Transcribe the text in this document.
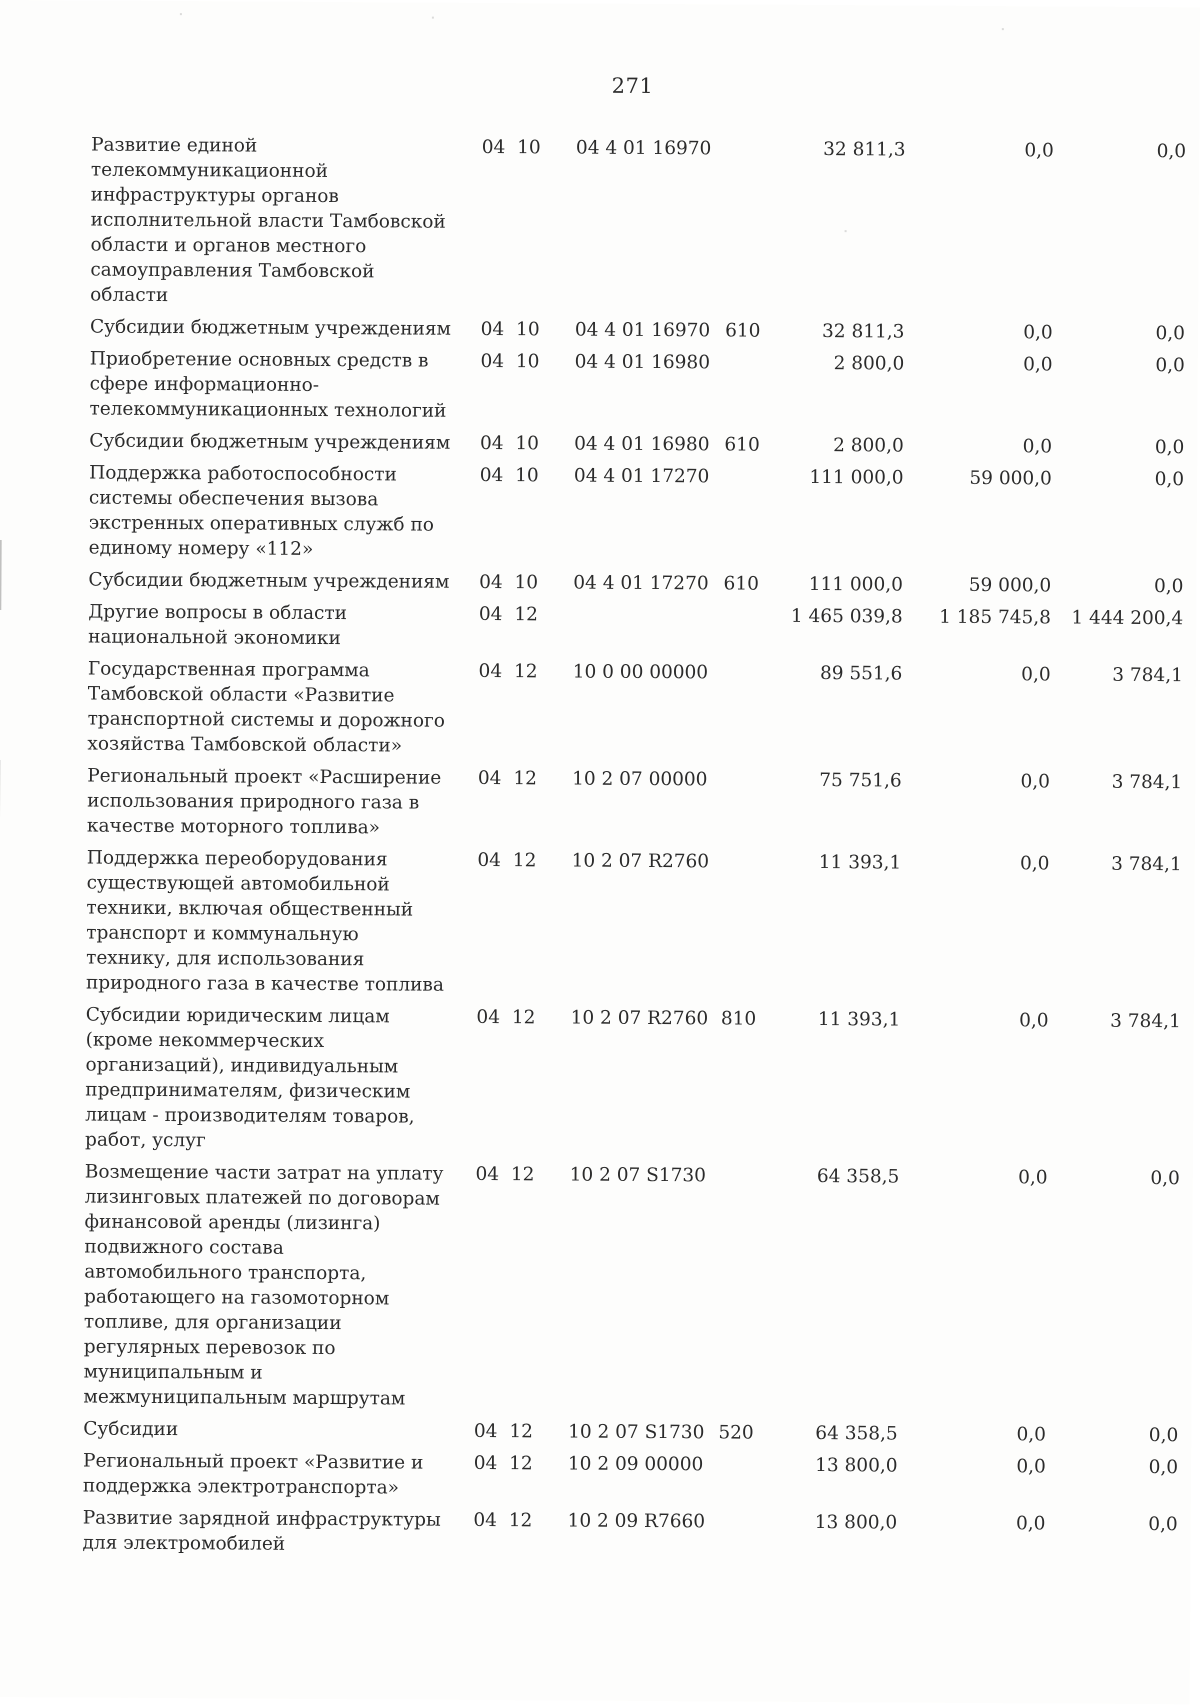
271
Развитие единой телекоммуникационной инфраструктуры органов исполнительной власти Тамбовской области и органов местного самоуправления Тамбовской области	04 10	04 4 01 16970		32 811,3	0,0	0,0
Субсидии бюджетным учреждениям	04 10	04 4 01 16970	610	32 811,3	0,0	0,0
Приобретение основных средств в сфере информационно-телекоммуникационных технологий	04 10	04 4 01 16980		2 800,0	0,0	0,0
Субсидии бюджетным учреждениям	04 10	04 4 01 16980	610	2 800,0	0,0	0,0
Поддержка работоспособности системы обеспечения вызова экстренных оперативных служб по единому номеру «112»	04 10	04 4 01 17270		111 000,0	59 000,0	0,0
Субсидии бюджетным учреждениям	04 10	04 4 01 17270	610	111 000,0	59 000,0	0,0
Другие вопросы в области национальной экономики	04 12			1 465 039,8	1 185 745,8	1 444 200,4
Государственная программа Тамбовской области «Развитие транспортной системы и дорожного хозяйства Тамбовской области»	04 12	10 0 00 00000		89 551,6	0,0	3 784,1
Региональный проект «Расширение использования природного газа в качестве моторного топлива»	04 12	10 2 07 00000		75 751,6	0,0	3 784,1
Поддержка переоборудования существующей автомобильной техники, включая общественный транспорт и коммунальную технику, для использования природного газа в качестве топлива	04 12	10 2 07 R2760		11 393,1	0,0	3 784,1
Субсидии юридическим лицам (кроме некоммерческих организаций), индивидуальным предпринимателям, физическим лицам - производителям товаров, работ, услуг	04 12	10 2 07 R2760	810	11 393,1	0,0	3 784,1
Возмещение части затрат на уплату лизинговых платежей по договорам финансовой аренды (лизинга) подвижного состава автомобильного транспорта, работающего на газомоторном топливе, для организации регулярных перевозок по муниципальным и межмуниципальным маршрутам	04 12	10 2 07 S1730		64 358,5	0,0	0,0
Субсидии	04 12	10 2 07 S1730	520	64 358,5	0,0	0,0
Региональный проект «Развитие и поддержка электротранспорта»	04 12	10 2 09 00000		13 800,0	0,0	0,0
Развитие зарядной инфраструктуры для электромобилей	04 12	10 2 09 R7660		13 800,0	0,0	0,0
